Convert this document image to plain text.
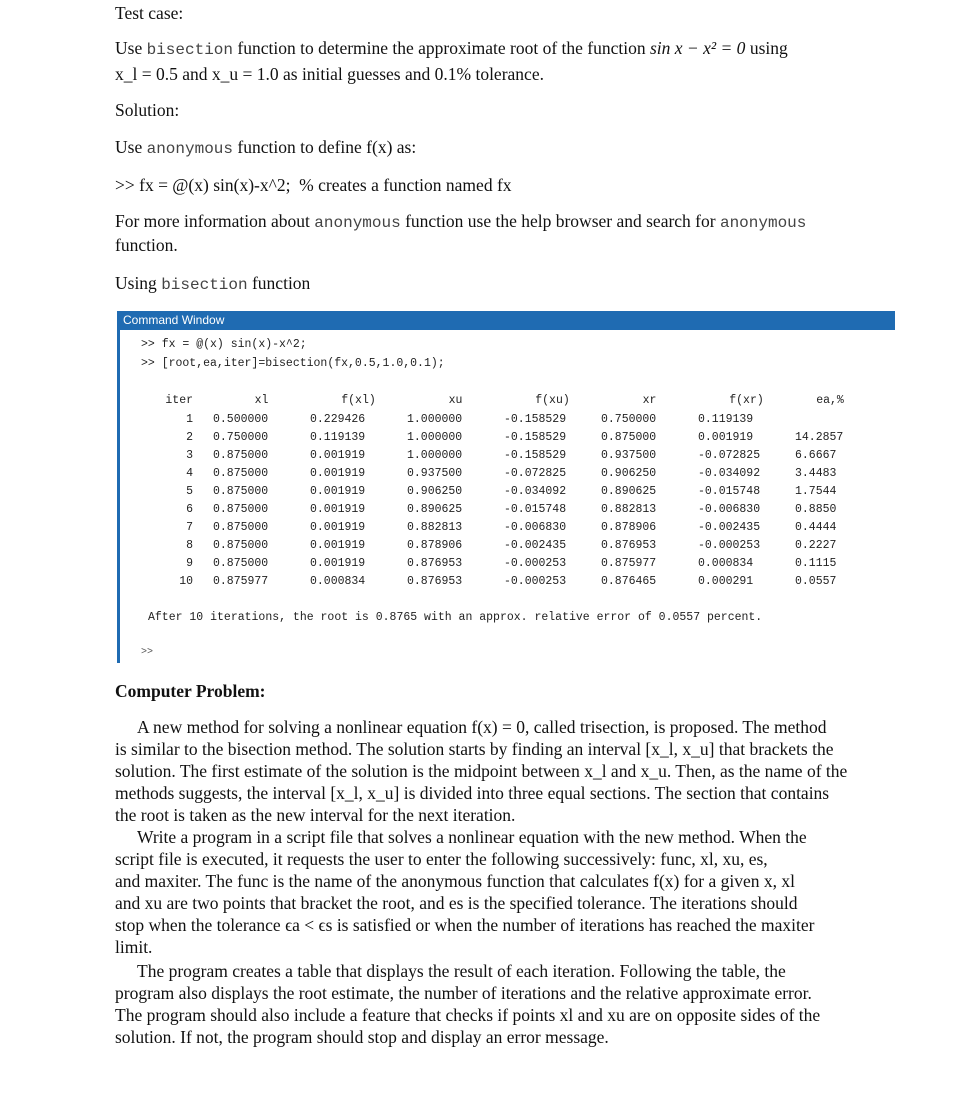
Test case:

Use bisection function to determine the approximate root of the function sin x − x² = 0 using

x_l = 0.5 and x_u = 1.0 as initial guesses and 0.1% tolerance.

Solution:

Use anonymous function to define f(x) as:

>> fx = @(x) sin(x)-x^2;  % creates a function named fx

For more information about anonymous function use the help browser and search for anonymous

function.

Using bisection function

Command Window
>> fx = @(x) sin(x)-x^2;
>> [root,ea,iter]=bisection(fx,0.5,1.0,0.1);
iter	xl	f(xl)	xu	f(xu)	xr	f(xr)	ea,%
1	0.500000	0.229426	1.000000	-0.158529	0.750000	0.119139	
2	0.750000	0.119139	1.000000	-0.158529	0.875000	0.001919	14.2857
3	0.875000	0.001919	1.000000	-0.158529	0.937500	-0.072825	6.6667
4	0.875000	0.001919	0.937500	-0.072825	0.906250	-0.034092	3.4483
5	0.875000	0.001919	0.906250	-0.034092	0.890625	-0.015748	1.7544
6	0.875000	0.001919	0.890625	-0.015748	0.882813	-0.006830	0.8850
7	0.875000	0.001919	0.882813	-0.006830	0.878906	-0.002435	0.4444
8	0.875000	0.001919	0.878906	-0.002435	0.876953	-0.000253	0.2227
9	0.875000	0.001919	0.876953	-0.000253	0.875977	0.000834	0.1115
10	0.875977	0.000834	0.876953	-0.000253	0.876465	0.000291	0.0557
After 10 iterations, the root is 0.8765 with an approx. relative error of 0.0557 percent.
>>

Computer Problem:

A new method for solving a nonlinear equation f(x) = 0, called trisection, is proposed. The method

is similar to the bisection method. The solution starts by finding an interval [x_l, x_u] that brackets the

solution. The first estimate of the solution is the midpoint between x_l and x_u. Then, as the name of the

methods suggests, the interval [x_l, x_u] is divided into three equal sections. The section that contains

the root is taken as the new interval for the next iteration.

Write a program in a script file that solves a nonlinear equation with the new method. When the

script file is executed, it requests the user to enter the following successively: func, xl, xu, es,

and maxiter. The func is the name of the anonymous function that calculates f(x) for a given x, xl

and xu are two points that bracket the root, and es is the specified tolerance. The iterations should

stop when the tolerance ϵa < ϵs is satisfied or when the number of iterations has reached the maxiter

limit.

The program creates a table that displays the result of each iteration. Following the table, the

program also displays the root estimate, the number of iterations and the relative approximate error.

The program should also include a feature that checks if points xl and xu are on opposite sides of the

solution. If not, the program should stop and display an error message.
